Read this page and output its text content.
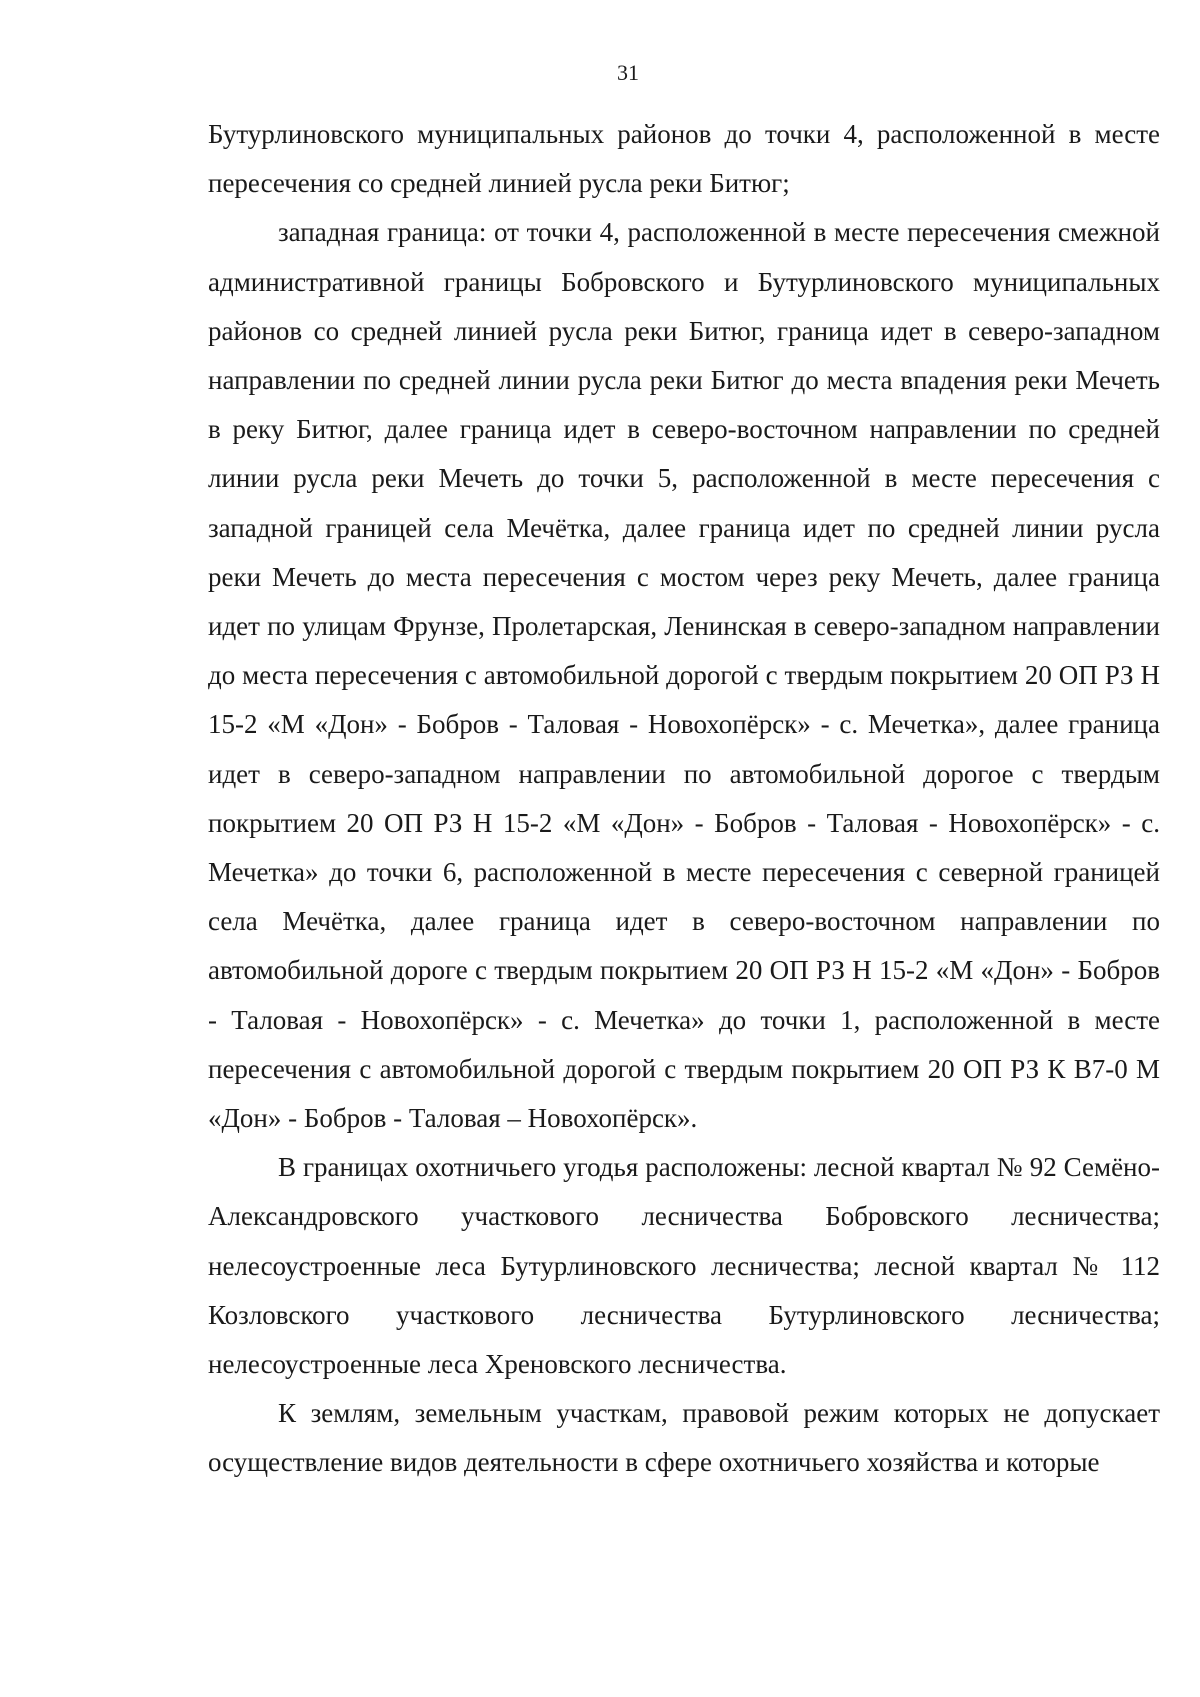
31

Бутурлиновского муниципальных районов до точки 4, расположенной в месте пересечения со средней линией русла реки Битюг;

западная граница: от точки 4, расположенной в месте пересечения смежной административной границы Бобровского и Бутурлиновского муниципальных районов со средней линией русла реки Битюг, граница идет в северо-западном направлении по средней линии русла реки Битюг до места впадения реки Мечеть в реку Битюг, далее граница идет в северо-восточном направлении по средней линии русла реки Мечеть до точки 5, расположенной в месте пересечения с западной границей села Мечётка, далее граница идет по средней линии русла реки Мечеть до места пересечения с мостом через реку Мечеть, далее граница идет по улицам Фрунзе, Пролетарская, Ленинская в северо-западном направлении до места пересечения с автомобильной дорогой с твердым покрытием 20 ОП РЗ Н 15-2 «М «Дон» - Бобров - Таловая - Новохопёрск» - с. Мечетка», далее граница идет в северо-западном направлении по автомобильной дорогое с твердым покрытием 20 ОП РЗ Н 15-2 «М «Дон» - Бобров - Таловая - Новохопёрск» - с. Мечетка» до точки 6, расположенной в месте пересечения с северной границей села Мечётка, далее граница идет в северо-восточном направлении по автомобильной дороге с твердым покрытием 20 ОП РЗ Н 15-2 «М «Дон» - Бобров - Таловая - Новохопёрск» - с. Мечетка» до точки 1, расположенной в месте пересечения с автомобильной дорогой с твердым покрытием 20 ОП РЗ К В7-0 М «Дон» - Бобров - Таловая – Новохопёрск».

В границах охотничьего угодья расположены: лесной квартал № 92 Семёно-Александровского участкового лесничества Бобровского лесничества; нелесоустроенные леса Бутурлиновского лесничества; лесной квартал № 112 Козловского участкового лесничества Бутурлиновского лесничества; нелесоустроенные леса Хреновского лесничества.

К землям, земельным участкам, правовой режим которых не допускает осуществление видов деятельности в сфере охотничьего хозяйства и которые
